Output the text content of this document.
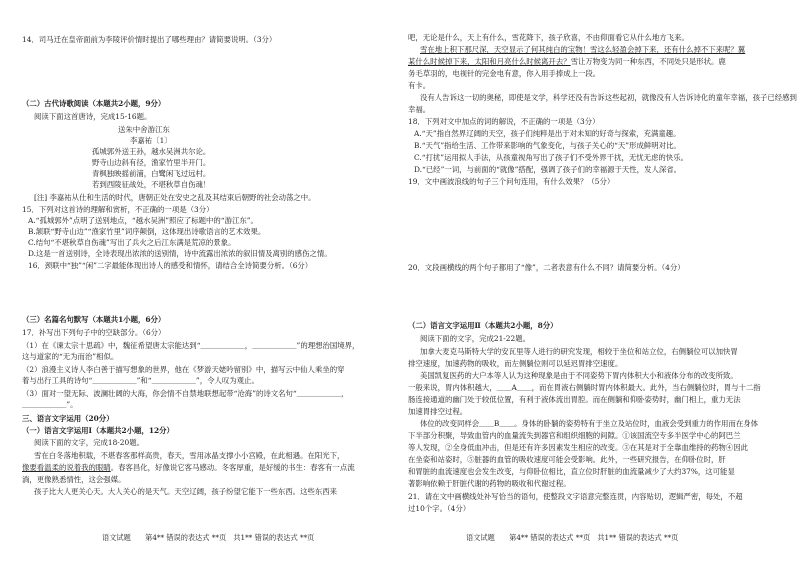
14．司马迁在皇帝面前为李陵评价情时提出了哪些理由？请简要说明。（3分）
（二）古代诗歌阅读（本题共2小题，9分）
阅读下面这首唐诗，完成15-16题。
送朱中舍游江东
李嘉祐〔1〕
孤城郭外送王孙，越水吴洲共尔论。
野寺山边斜有径，渔家竹里半开门。
青枫独映摇前浦，白鹭闲飞过远村。
若到西陵征战处，不堪秋草自伤魂！
[注] 李嘉祐从仕和生活的时代，唐朝正处在安史之乱及其结束后朝野的社会动荡之中。
15．下列对这首诗的理解和赏析，不正确的一项是（3分）
A.“孤城郭外”点明了送别地点，“越水吴洲”照应了标题中的“游江东”。
B.颔联“野寺山边”“渔家竹里”词序颠倒，这体现出诗歌语言的艺术效果。
C.结句“不堪秋草自伤魂”写出了兵火之后江东满是荒凉的景象。
D.这是一首送别诗，全诗表现出浓浓的送别情，诗中流露出浓浓的叙旧情及离别的感伤之情。
16．颈联中“独”“闲”二字最能体现出诗人的感受和情怀，请结合全诗简要分析。（6分）
（三）名篇名句默写（本题共1小题，6分）
17．补写出下列句子中的空缺部分。（6分）
（1）在《谏太宗十思疏》中，魏征希望唐太宗能达到“＿＿＿＿＿＿，＿＿＿＿＿＿”的理想治国境界，
这与道家的“无为而治”相似。
（2）浪漫主义诗人李白善于描写想象的世界，他在《梦游天姥吟留别》中，描写云中仙人乘坐的穿
着与出行工具的诗句“＿＿＿＿＿＿”和“＿＿＿＿＿＿”，令人叹为观止。
（3）面对一望无际、波澜壮阔的大海，你会情不自禁地联想起带“沧海”的诗文名句“＿＿＿＿＿＿，
＿＿＿＿＿＿”。
三、语言文字运用（20分）
（一）语言文字运用Ⅰ（本题共2小题，12分）
阅读下面的文字，完成18-20题。
雪在白冬落地积载，不堪春客那样高贵，春天，雪用冰晶支撑小小宫殿，在此相遇。在阳光下，
像要看温柔的说着我的眼睛。春客昌化，好像说它客马感动。冬客厚重，是好缓的书生：春客有一点流
淌，更像熟悉情性，这会强媒。
孩子比大人更关心天。大人关心的是天气。天空辽阔，孩子纷望它能下一些东西。这些东西来
语文试题　　第4** 错误的表达式 **页　共1** 错误的表达式 **页
吧，无论是什么，天上有什么，雪花降下，孩子欣喜，不由仰面看它从什么地方飞来。
雪在地上积下那尺深，天空显示了何其纯白的宝物！雪这么轻盈会掉下来，还有什么掉不下来呢？翼
某什么时候掉下来，太阳和月亮什么时候离开去？雪让万物变为同一种东西，不同处只是形状。鹿
务毛草羽的，电视针的完金电有意，你入用手捧成上一段。
有卡。
没有人告诉这一切的奥秘，即使是文学，科学还没有告诉这些起初，就像没有人告诉诗化的童年幸福，孩子已经感到
幸福。
18．下列对文中加点的词的解说，不正确的一项是（3分）
A.“天”指自然界辽阔的天空，孩子们纯粹是出于对未知的好奇与探索，充满童趣。
B.“天气”指给生活、工作带来影响的气象变化，与孩子关心的“天”形成鲜明对比。
C.“打扰”运用拟人手法，从孩童视角写出了孩子们不受外界干扰，无忧无虑的快乐。
D.“已经”一词，与前面的“就像”搭配，强调了孩子们的幸福源于天性，发人深省。
19．文中画波浪线的句子三个问句连用，有什么效果？（5分）
20．文段画横线的两个句子都用了“像”，二者表意有什么不同？请简要分析。（4分）
（二）语言文字运用Ⅱ（本题共2小题，8分）
阅读下面的文字，完成21-22题。
加拿大麦克马斯特大学的安瓦里等人进行的研究发现，相较于坐位和站立位，右侧躺位可以加快胃
排空速度，加速药物的吸收，而左侧躺位则可以延迟胃排空速度。
美国凯复医药的大户本等人认为这种现象是由于不同姿势下胃内体积大小和液体分布的改变所致。
一般来说，胃内体积越大，＿＿A＿＿，而在胃液右侧躺时胃内体积最大。此外，当右侧躺位时，胃与十二指
肠连接通道的幽门处于较低位置，有利于液体流出胃腔。而在侧躺和仰卧姿势时，幽门相上，重力无法
加速胃排空过程。
体位的改变同样会＿＿B＿＿。身体的卧躺的姿势特有于坐立及站位时，血液会受到重力的作用而在身体
下半部分积聚，导致血管内的血量流失到器官和组织细胞的间隙。①该国流空专多半医学中心的阿巴兰
等人发现，②全身低血冲击，但是还有许多因素发生相应的改变。③在其是对于全靠血维持的药物④因此
在坐姿和站姿时，⑤脏器的血管的吸收速度可能会受影响。此外，一些研究报告，在仰卧位时，肝
和胃脏的血流速度也会发生改变，与仰卧位相比，直立位时肝脏的血流量减少了大约37%，这可能显
著影响依赖于肝脏代谢的药物的吸收和代谢过程。
21．请在文中画横线处补写恰当的语句，使整段文字语意完整连贯，内容贴切，逻辑严密，每处，不超
过10个字。（4分）
语文试题　　第4** 错误的表达式 **页　共1** 错误的表达式 **页
